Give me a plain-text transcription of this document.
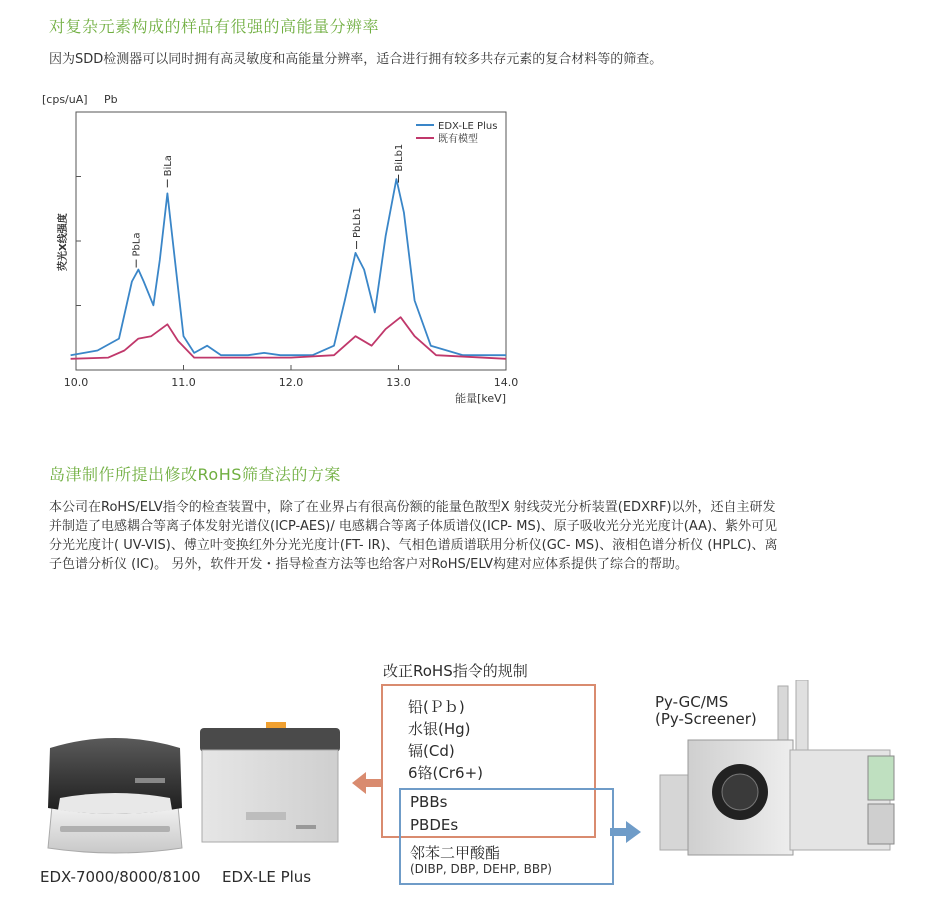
对复杂元素构成的样品有很强的高能量分辨率
因为SDD检测器可以同时拥有高灵敏度和高能量分辨率，适合进行拥有较多共存元素的复合材料等的筛查。
10.0	11.0	12.0	13.0	14.0
[cps/uA] Pb
能量[keV]
荧光X线强度
EDX-LE Plus
既有模型
PbLa
BiLa
PbLb1
BiLb1
岛津制作所提出修改RoHS筛查法的方案
本公司在RoHS/ELV指令的检查装置中，除了在业界占有很高份额的能量色散型X 射线荧光分析装置(EDXRF)以外，还自主研发
并制造了电感耦合等离子体发射光谱仪(ICP-AES)/ 电感耦合等离子体质谱仪(ICP- MS)、原子吸收光分光光度计(AA)、紫外可见
分光光度计( UV-VIS)、傅立叶变换红外分光光度计(FT- IR)、气相色谱质谱联用分析仪(GC- MS)、液相色谱分析仪 (HPLC)、离
子色谱分析仪 (IC)。 另外，软件开发・指导检查方法等也给客户对RoHS/ELV构建对应体系提供了综合的帮助。
改正RoHS指令的规制
铅(Ｐｂ)
水银(Hg)
镉(Cd)
6铬(Cr6+)
PBBs
PBDEs
邻苯二甲酸酯
(DIBP, DBP, DEHP, BBP)
Py-GC/MS
(Py-Screener)
EDX-7000/8000/8100 EDX-LE Plus
